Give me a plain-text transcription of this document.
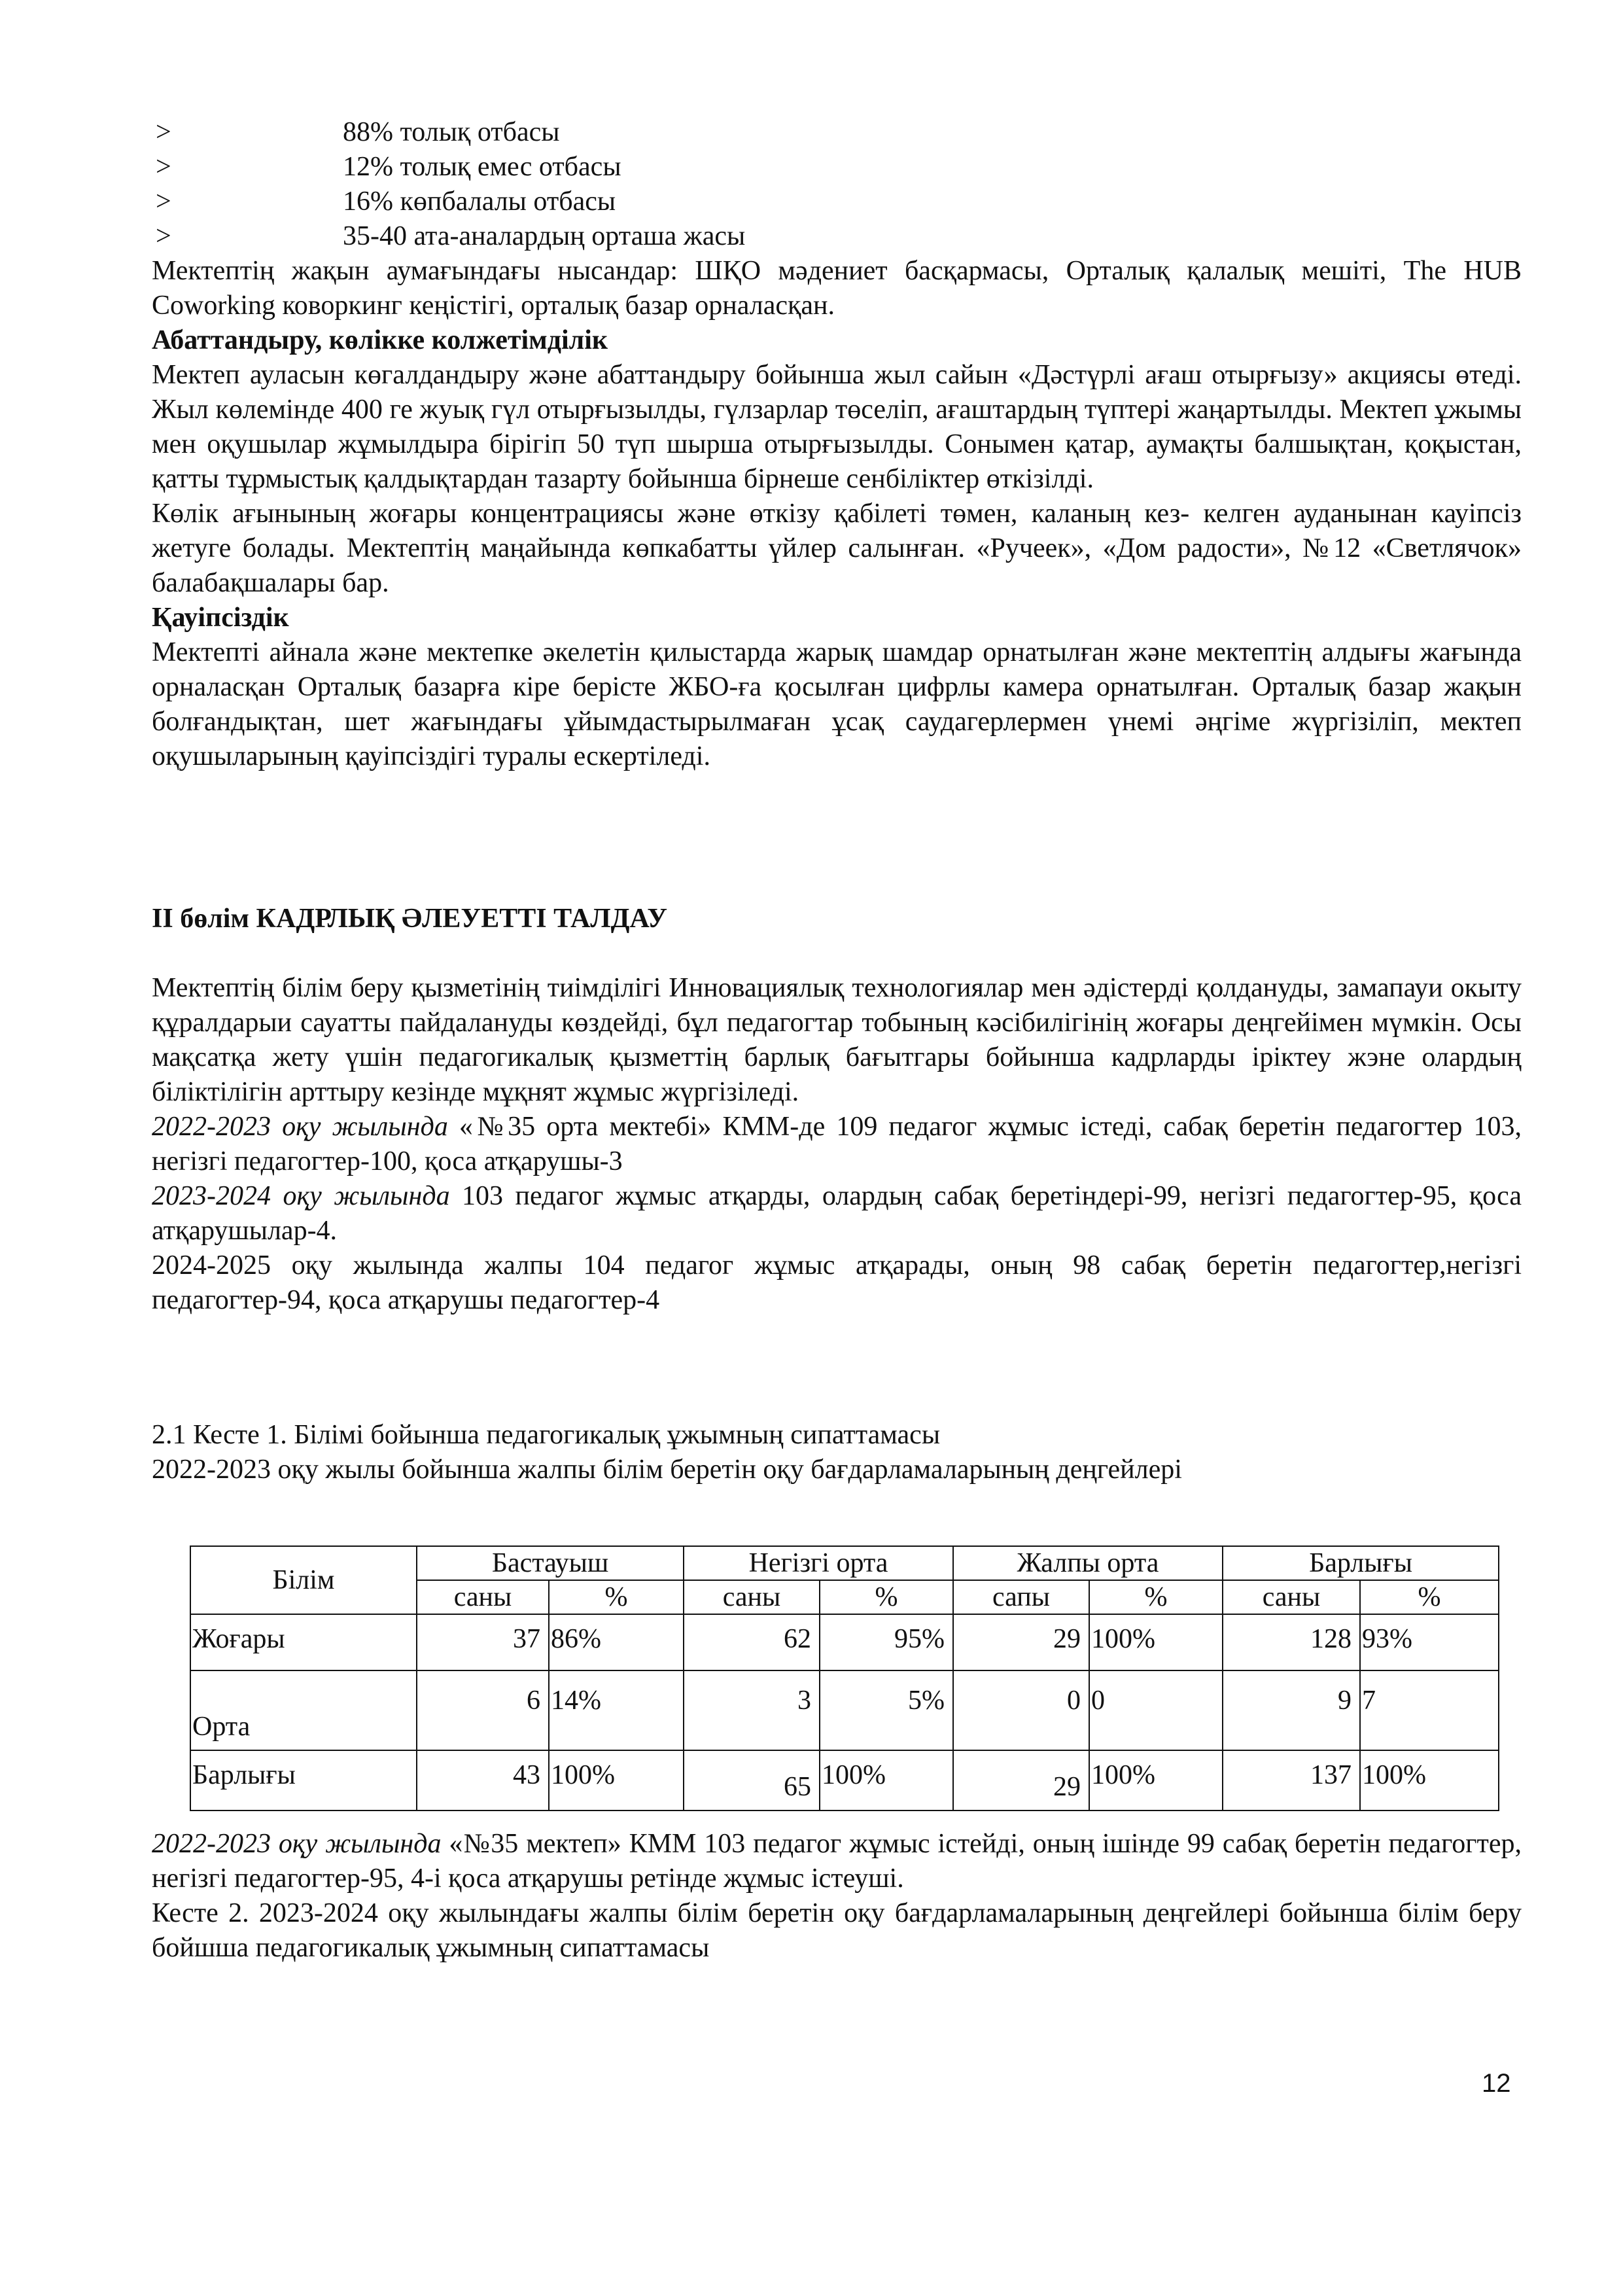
>	88% толық отбасы
>	12% толық емес отбасы
>	16% көпбалалы отбасы
>	35-40 ата-аналардың орташа жасы

Мектептің жақын аумағындағы нысандар: ШҚО мәдениет басқармасы, Орталық қалалық мешіті, The HUB Coworking коворкинг кеңістігі, орталық базар орналасқан.

Абаттандыру, көлікке колжетімділік

Мектеп ауласын көгалдандыру және абаттандыру бойынша жыл сайын «Дәстүрлі ағаш отырғызу» акциясы өтеді. Жыл көлемінде 400 ге жуық гүл отырғызылды, гүлзарлар төселіп, ағаштардың түптері жаңартылды. Мектеп ұжымы мен оқушылар жұмылдыра бірігіп 50 түп шырша отырғызылды. Сонымен қатар, аумақты балшықтан, қоқыстан, қатты тұрмыстық қалдықтардан тазарту бойынша бірнеше сенбіліктер өткізілді.

Көлік ағынының жоғары концентрациясы және өткізу қабілеті төмен, каланың кез- келген ауданынан кауіпсіз жетуге болады. Мектептің маңайында көпкабатты үйлер салынған. «Ручеек», «Дом радости», №12 «Светлячок» балабақшалары бар.

Қауіпсіздік

Мектепті айнала және мектепке әкелетін қилыстарда жарық шамдар орнатылған және мектептің алдығы жағында орналасқан Орталық базарға кіре берісте ЖБО-ға қосылған цифрлы камера орнатылған. Орталық базар жақын болғандықтан, шет жағындағы ұйымдастырылмаған ұсақ саудагерлермен үнемі әңгіме жүргізіліп, мектеп оқушыларының қауіпсіздігі туралы ескертіледі.

II бөлім КАДРЛЫҚ ӘЛЕУЕТТІ ТАЛДАУ

Мектептің білім беру қызметінің тиімділігі Инновациялық технологиялар мен әдістерді қолдануды, замапауи окыту құралдарыи сауатты пайдалануды көздейді, бұл педагогтар тобының кәсібилігінің жоғары деңгейімен мүмкін. Осы мақсатқа жету үшін педагогикалық қызметтің барлық бағытгары бойынша кадрларды іріктеу жэне олардың біліктілігін арттыру кезінде мұқнят жұмыс жүргізіледі.

2022-2023 оқу жылында «№35 орта мектебі» КММ-де 109 педагог жұмыс істеді, сабақ беретін педагогтер 103, негізгі педагогтер-100, қоса атқарушы-3

2023-2024 оқу жылында 103 педагог жұмыс атқарды, олардың сабақ беретіндері-99, негізгі педагогтер-95, қоса атқарушылар-4.

2024-2025 оқу жылында жалпы 104 педагог жұмыс атқарады, оның 98 сабақ беретін педагогтер,негізгі педагогтер-94, қоса атқарушы педагогтер-4

2.1 Кесте 1. Білімі бойынша педагогикалық ұжымның сипаттамасы

2022-2023 оқу жылы бойынша жалпы білім беретін оқу бағдарламаларының деңгейлері

Білім	Бастауыш		Негізгі орта		Жалпы орта		Барлығы	
	саны	%	саны	%	сапы	%	саны	%
Жоғары	37	86%	62	95%	29	100%	128	93%
Орта	6	14%	3	5%	0	0	9	7
Барлығы	43	100%	65	100%	29	100%	137	100%

2022-2023 оқу жылында «№35 мектеп» КММ 103 педагог жұмыс істейді, оның ішінде 99 сабақ беретін педагогтер, негізгі педагогтер-95, 4-і қоса атқарушы ретінде жұмыс істеуші.

Кесте 2. 2023-2024 оқу жылындағы жалпы білім беретін оқу бағдарламаларының деңгейлері бойынша білім беру бойшша педагогикалық ұжымның сипаттамасы

12
